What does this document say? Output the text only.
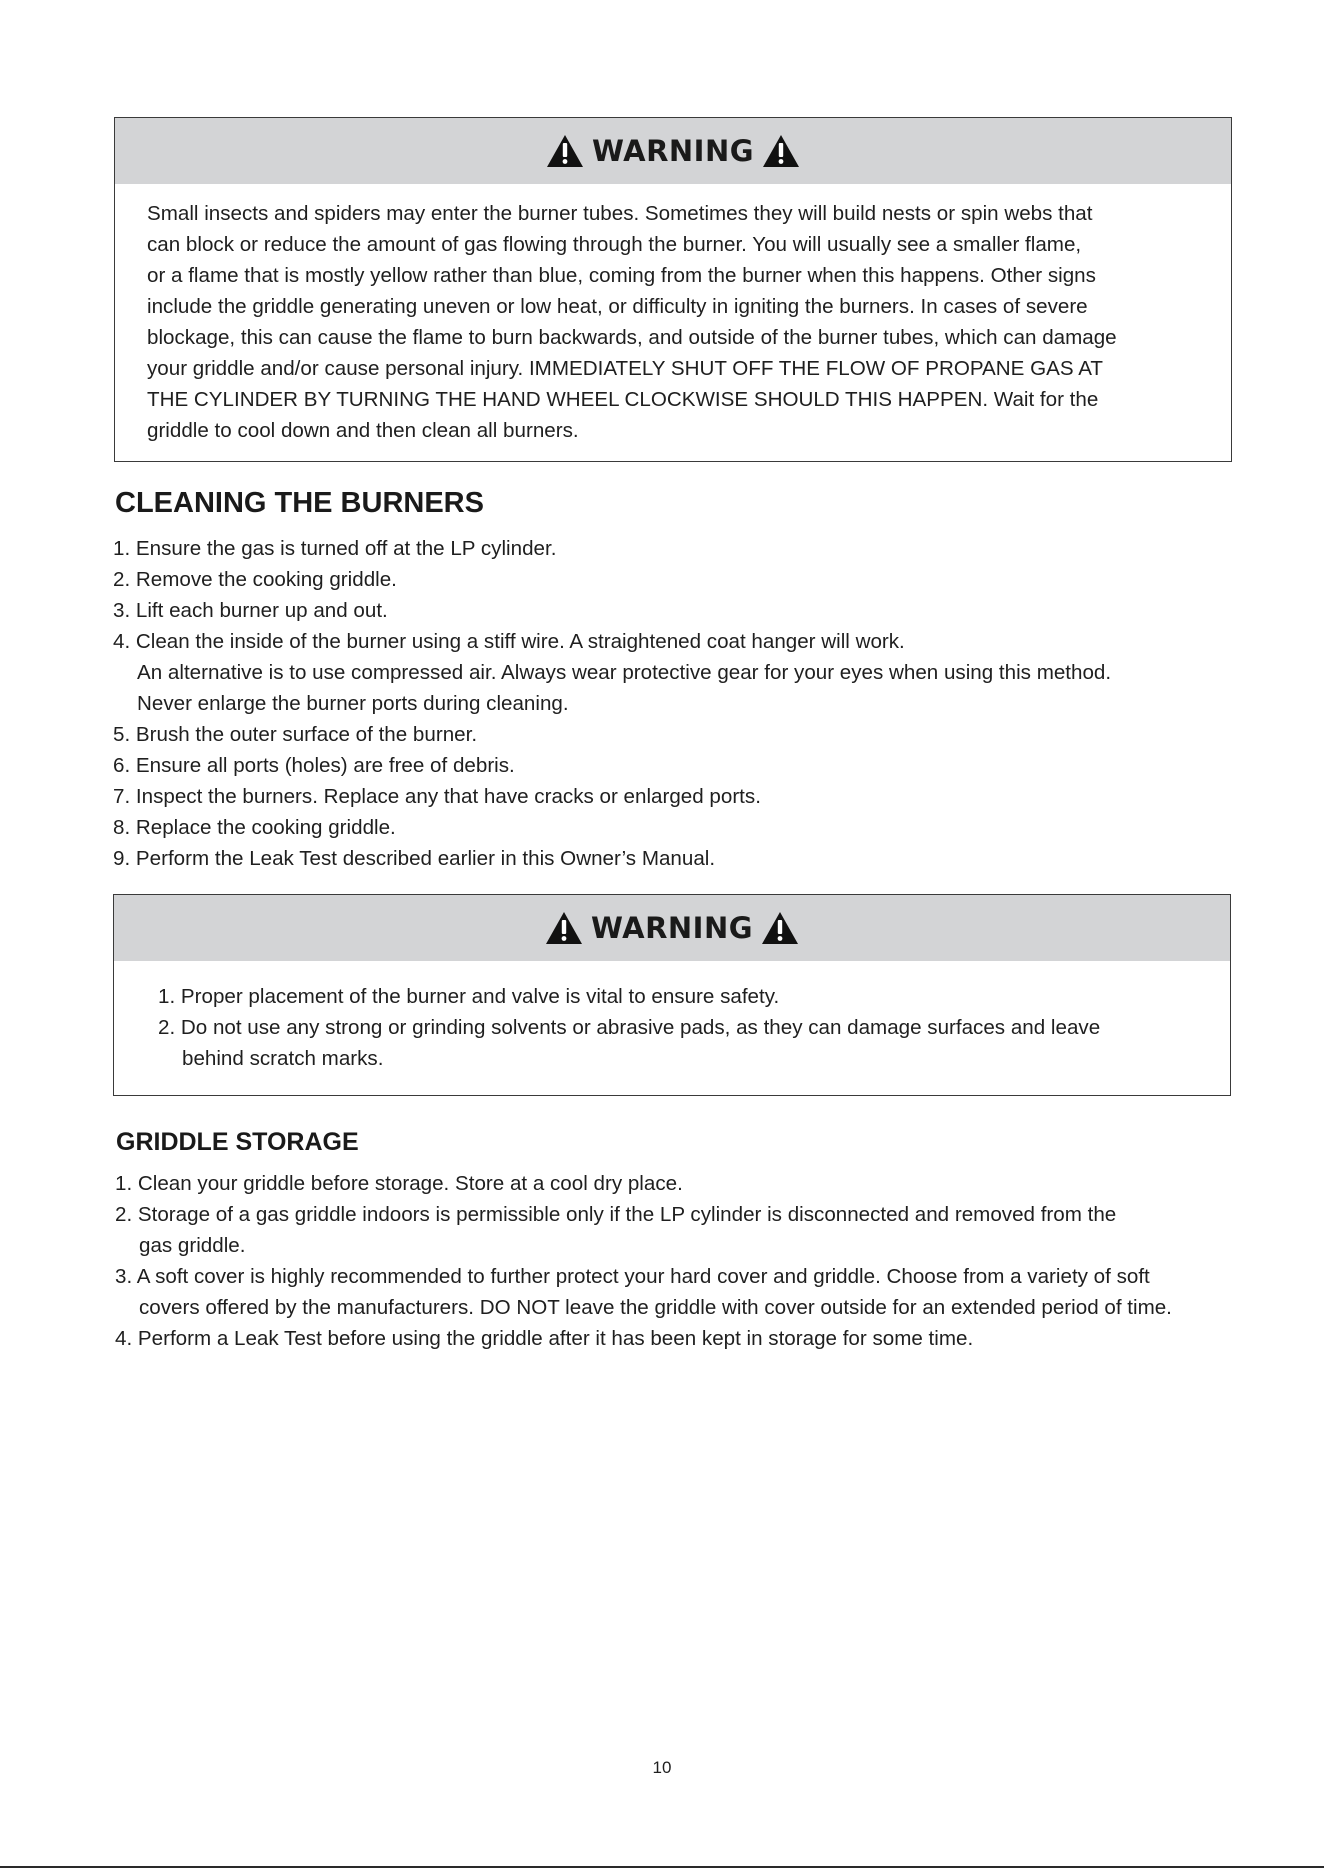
WARNING
Small insects and spiders may enter the burner tubes. Sometimes they will build nests or spin webs that
can block or reduce the amount of gas flowing through the burner. You will usually see a smaller flame,
or a flame that is mostly yellow rather than blue, coming from the burner when this happens. Other signs
include the griddle generating uneven or low heat, or difficulty in igniting the burners. In cases of severe
blockage, this can cause the flame to burn backwards, and outside of the burner tubes, which can damage
your griddle and/or cause personal injury. IMMEDIATELY SHUT OFF THE FLOW OF PROPANE GAS AT
THE CYLINDER BY TURNING THE HAND WHEEL CLOCKWISE SHOULD THIS HAPPEN. Wait for the
griddle to cool down and then clean all burners.
CLEANING THE BURNERS
1. Ensure the gas is turned off at the LP cylinder.
2. Remove the cooking griddle.
3. Lift each burner up and out.
4. Clean the inside of the burner using a stiff wire. A straightened coat hanger will work.
An alternative is to use compressed air. Always wear protective gear for your eyes when using this method.
Never enlarge the burner ports during cleaning.
5. Brush the outer surface of the burner.
6. Ensure all ports (holes) are free of debris.
7. Inspect the burners. Replace any that have cracks or enlarged ports.
8. Replace the cooking griddle.
9. Perform the Leak Test described earlier in this Owner’s Manual.
WARNING
1. Proper placement of the burner and valve is vital to ensure safety.
2. Do not use any strong or grinding solvents or abrasive pads, as they can damage surfaces and leave
behind scratch marks.
GRIDDLE STORAGE
1. Clean your griddle before storage. Store at a cool dry place.
2. Storage of a gas griddle indoors is permissible only if the LP cylinder is disconnected and removed from the
gas griddle.
3. A soft cover is highly recommended to further protect your hard cover and griddle. Choose from a variety of soft
covers offered by the manufacturers. DO NOT leave the griddle with cover outside for an extended period of time.
4. Perform a Leak Test before using the griddle after it has been kept in storage for some time.
10
